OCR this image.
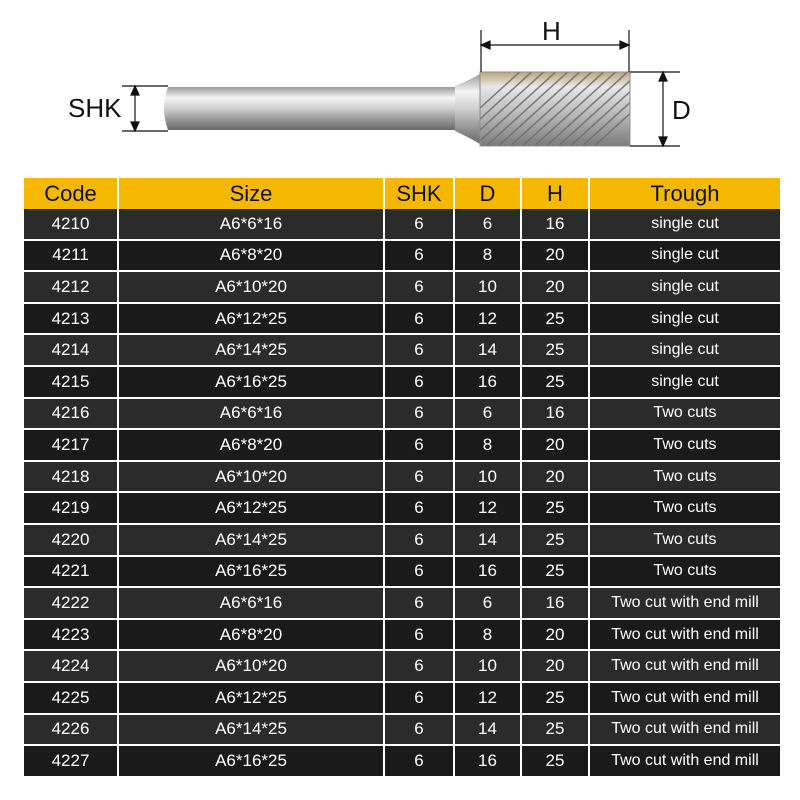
SHK
H
D
Code	Size	SHK	D	H	Trough
4210	A6*6*16	6	6	16	single cut
4211	A6*8*20	6	8	20	single cut
4212	A6*10*20	6	10	20	single cut
4213	A6*12*25	6	12	25	single cut
4214	A6*14*25	6	14	25	single cut
4215	A6*16*25	6	16	25	single cut
4216	A6*6*16	6	6	16	Two cuts
4217	A6*8*20	6	8	20	Two cuts
4218	A6*10*20	6	10	20	Two cuts
4219	A6*12*25	6	12	25	Two cuts
4220	A6*14*25	6	14	25	Two cuts
4221	A6*16*25	6	16	25	Two cuts
4222	A6*6*16	6	6	16	Two cut with end mill
4223	A6*8*20	6	8	20	Two cut with end mill
4224	A6*10*20	6	10	20	Two cut with end mill
4225	A6*12*25	6	12	25	Two cut with end mill
4226	A6*14*25	6	14	25	Two cut with end mill
4227	A6*16*25	6	16	25	Two cut with end mill
